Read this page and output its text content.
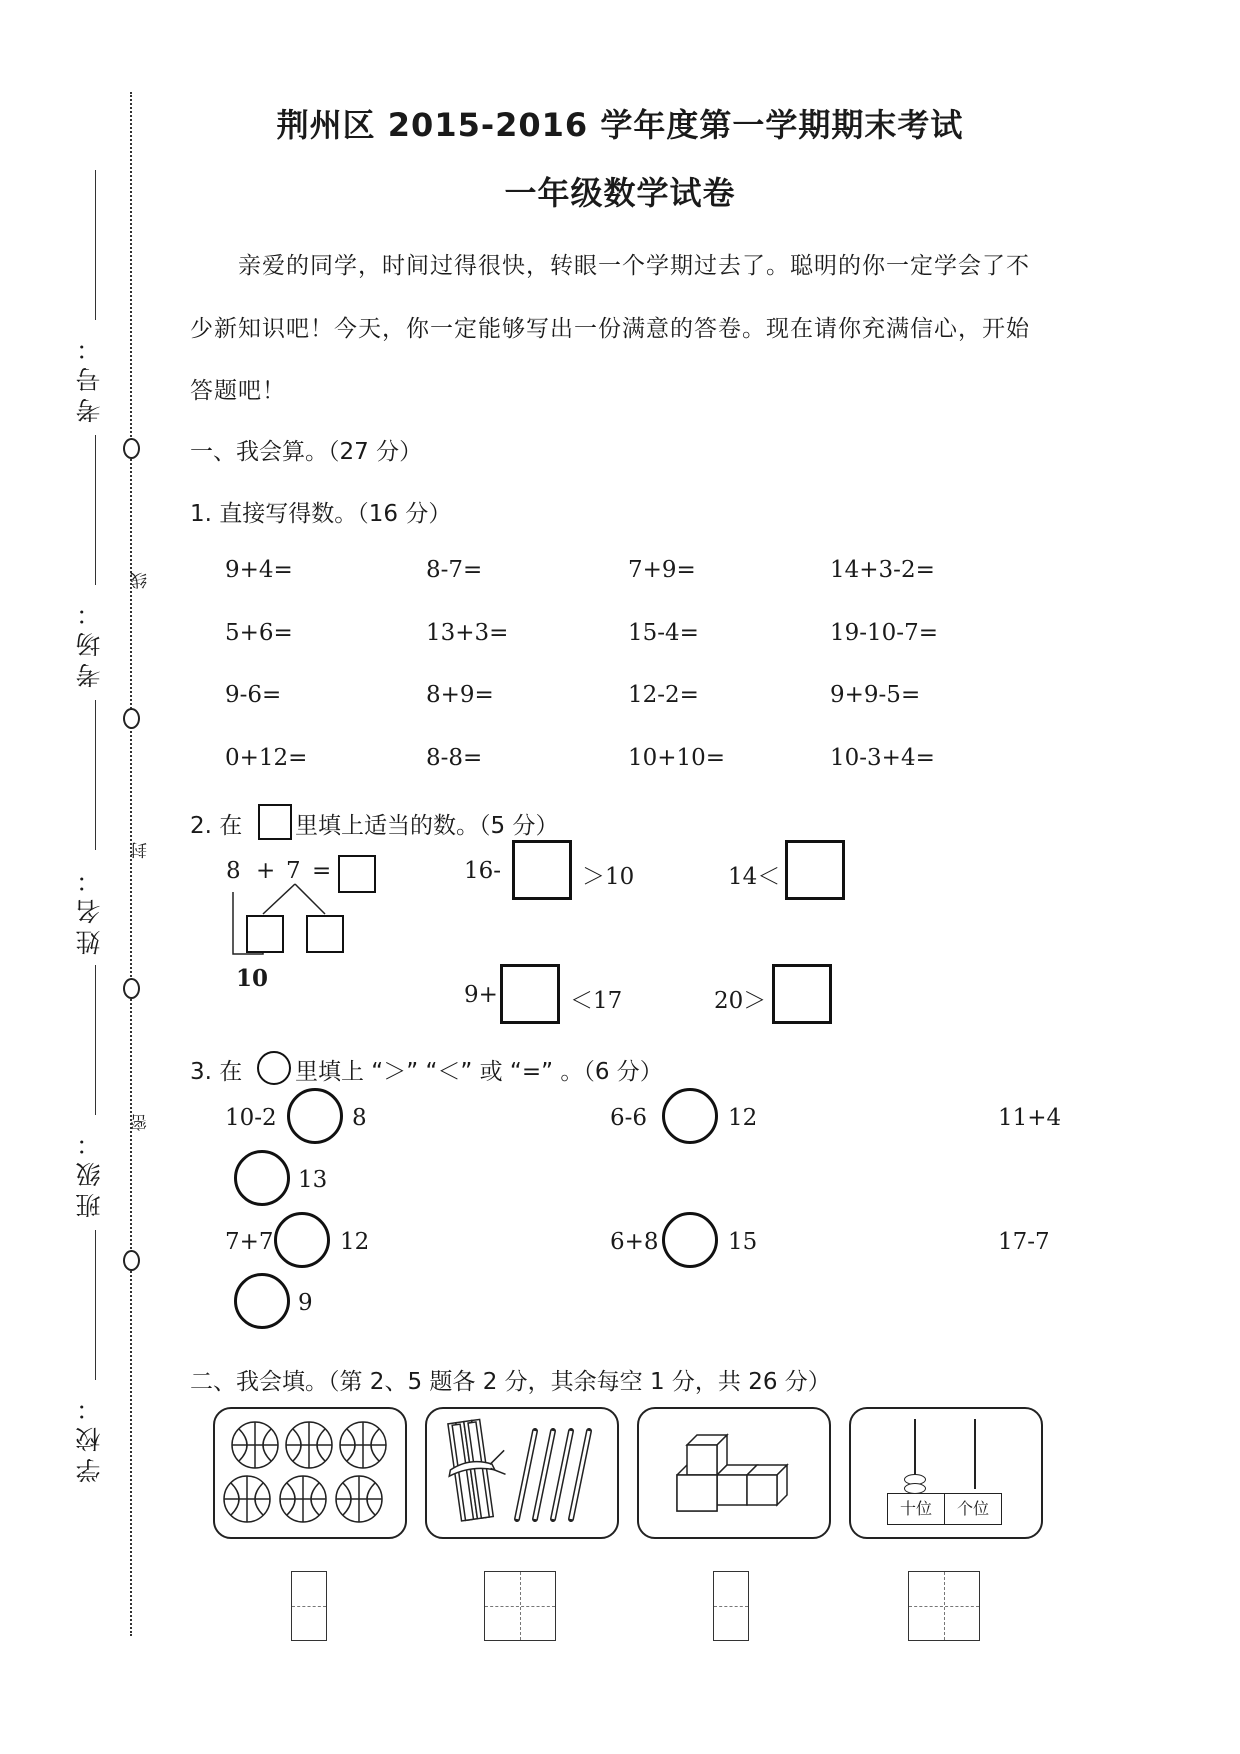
考号：
考场：
姓名：
班级：
学校：
线
封
密
荆州区 2015-2016 学年度第一学期期末考试
一年级数学试卷
亲爱的同学，时间过得很快，转眼一个学期过去了。聪明的你一定学会了不
少新知识吧！今天，你一定能够写出一份满意的答卷。现在请你充满信心，开始
答题吧！
一、我会算。（27 分）
1. 直接写得数。（16 分）
9+4=	8-7=	7+9=	14+3-2=
5+6=	13+3=	15-4=	19-10-7=
9-6=	8+9=	12-2=	9+9-5=
0+12=	8-8=	10+10=	10-3+4=
2. 在 里填上适当的数。（5 分）
8 + 7 =
10
16-	＞10	14＜
9+	＜17	20＞
3. 在 里填上 “＞” “＜” 或 “=” 。（6 分）
10-2	8	6-6	12	11+4
13
7+7	12	6+8	15	17-7
9
二、我会填。（第 2、5 题各 2 分，其余每空 1 分，共 26 分）
十位	个位
